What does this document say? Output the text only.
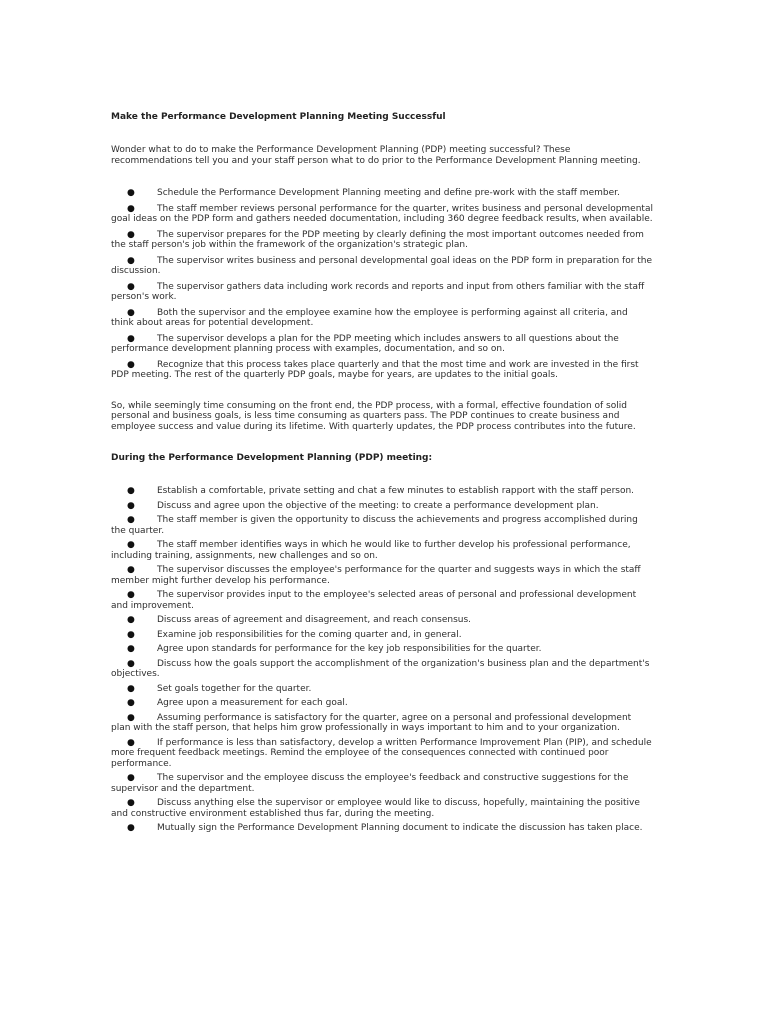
Make the Performance Development Planning Meeting Successful

Wonder what to do to make the Performance Development Planning (PDP) meeting successful? These recommendations tell you and your staff person what to do prior to the Performance Development Planning meeting.

● Schedule the Performance Development Planning meeting and define pre-work with the staff member.
● The staff member reviews personal performance for the quarter, writes business and personal developmental goal ideas on the PDP form and gathers needed documentation, including 360 degree feedback results, when available.
● The supervisor prepares for the PDP meeting by clearly defining the most important outcomes needed from the staff person's job within the framework of the organization's strategic plan.
● The supervisor writes business and personal developmental goal ideas on the PDP form in preparation for the discussion.
● The supervisor gathers data including work records and reports and input from others familiar with the staff person's work.
● Both the supervisor and the employee examine how the employee is performing against all criteria, and think about areas for potential development.
● The supervisor develops a plan for the PDP meeting which includes answers to all questions about the performance development planning process with examples, documentation, and so on.
● Recognize that this process takes place quarterly and that the most time and work are invested in the first PDP meeting. The rest of the quarterly PDP goals, maybe for years, are updates to the initial goals.

So, while seemingly time consuming on the front end, the PDP process, with a formal, effective foundation of solid personal and business goals, is less time consuming as quarters pass. The PDP continues to create business and employee success and value during its lifetime. With quarterly updates, the PDP process contributes into the future.

During the Performance Development Planning (PDP) meeting:
● Establish a comfortable, private setting and chat a few minutes to establish rapport with the staff person.
● Discuss and agree upon the objective of the meeting: to create a performance development plan.
● The staff member is given the opportunity to discuss the achievements and progress accomplished during the quarter.
● The staff member identifies ways in which he would like to further develop his professional performance, including training, assignments, new challenges and so on.
● The supervisor discusses the employee's performance for the quarter and suggests ways in which the staff member might further develop his performance.
● The supervisor provides input to the employee's selected areas of personal and professional development and improvement.
● Discuss areas of agreement and disagreement, and reach consensus.
● Examine job responsibilities for the coming quarter and, in general.
● Agree upon standards for performance for the key job responsibilities for the quarter.
● Discuss how the goals support the accomplishment of the organization's business plan and the department's objectives.
● Set goals together for the quarter.
● Agree upon a measurement for each goal.
● Assuming performance is satisfactory for the quarter, agree on a personal and professional development plan with the staff person, that helps him grow professionally in ways important to him and to your organization.
● If performance is less than satisfactory, develop a written Performance Improvement Plan (PIP), and schedule more frequent feedback meetings. Remind the employee of the consequences connected with continued poor performance.
● The supervisor and the employee discuss the employee's feedback and constructive suggestions for the supervisor and the department.
● Discuss anything else the supervisor or employee would like to discuss, hopefully, maintaining the positive and constructive environment established thus far, during the meeting.
● Mutually sign the Performance Development Planning document to indicate the discussion has taken place.
